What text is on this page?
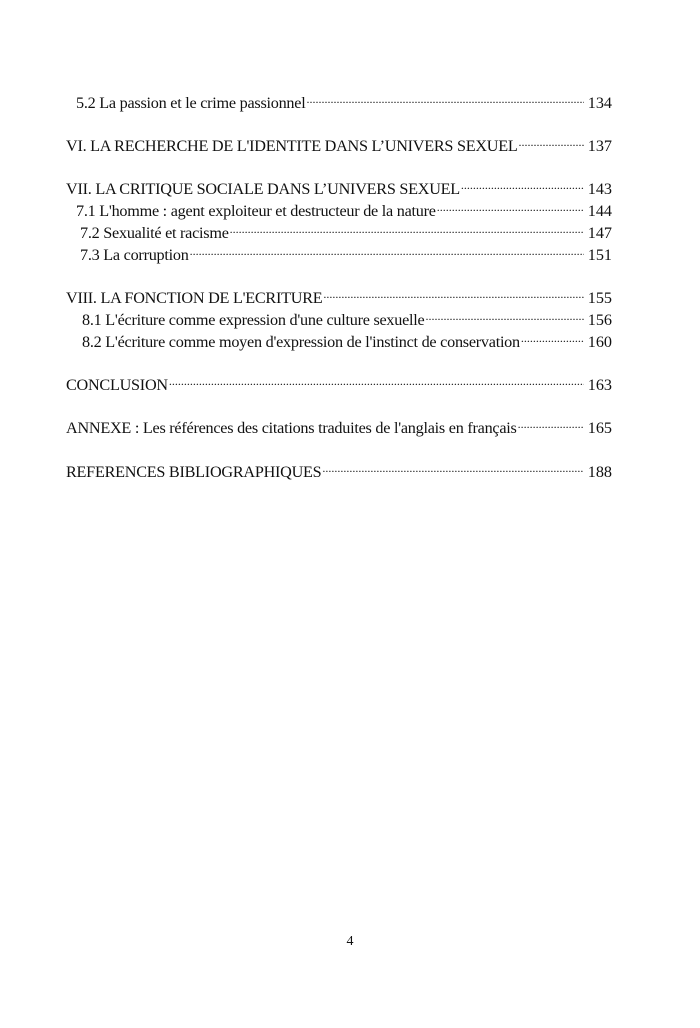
5.2 La passion et le crime passionnel .....	134
VI. LA RECHERCHE DE L'IDENTITE DANS L’UNIVERS SEXUEL .....	137
VII. LA CRITIQUE SOCIALE DANS L’UNIVERS SEXUEL .....	143
7.1 L'homme : agent exploiteur et destructeur de la nature .....	144
7.2 Sexualité et racisme .....	147
7.3 La corruption .....	151
VIII. LA FONCTION DE L'ECRITURE .....	155
8.1 L'écriture comme expression d'une culture sexuelle .....	156
8.2 L'écriture comme moyen d'expression de l'instinct de conservation .....	160
CONCLUSION .....	163
ANNEXE : Les références des citations traduites de l'anglais en français .....	165
REFERENCES BIBLIOGRAPHIQUES .....	188
4
